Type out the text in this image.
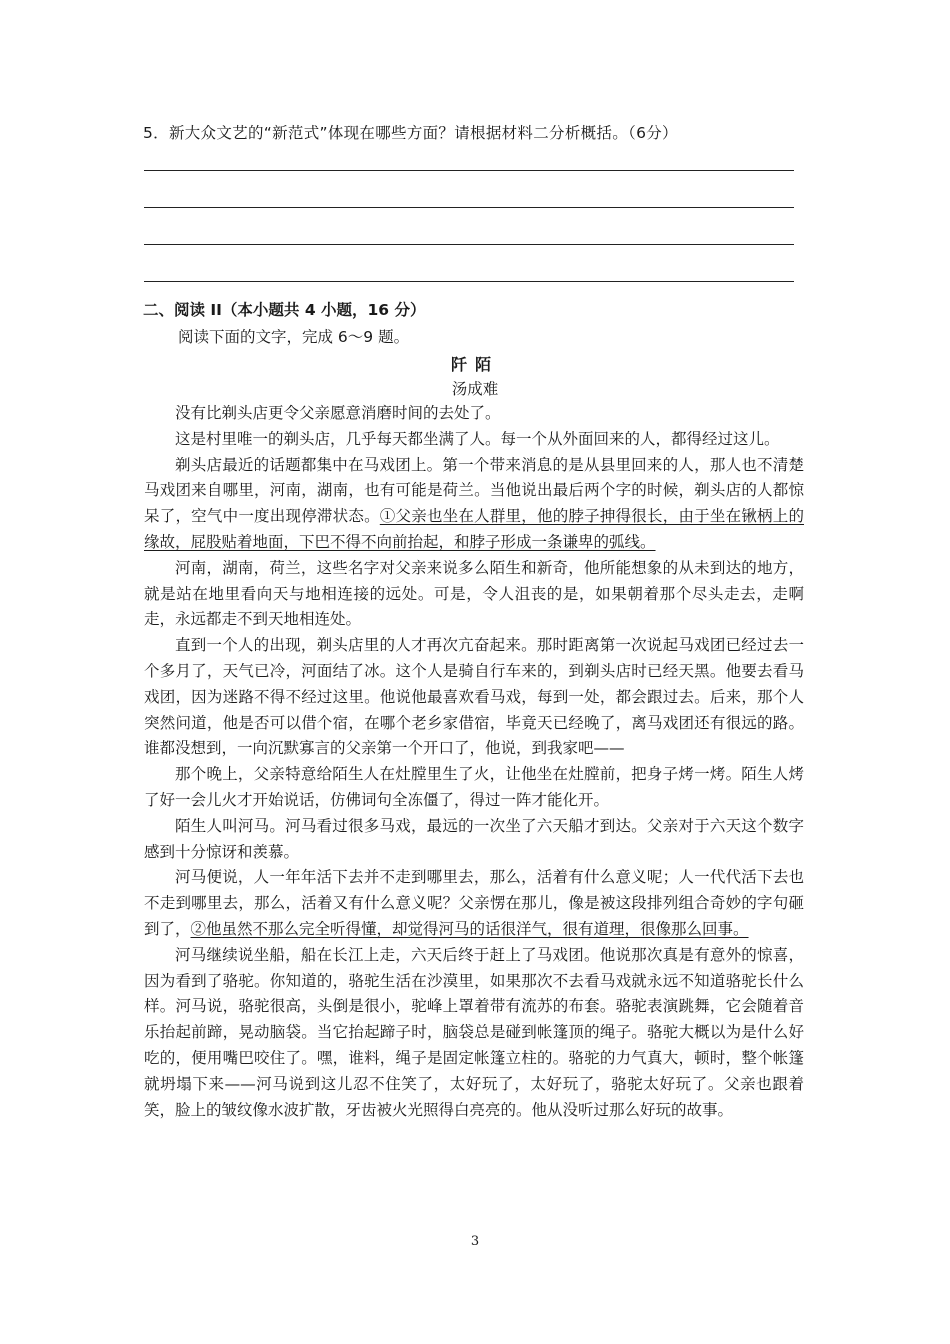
5．新大众文艺的“新范式”体现在哪些方面？请根据材料二分析概括。（6分）
二、阅读 II（本小题共 4 小题，16 分）
阅读下面的文字，完成 6～9 题。
阡陌
汤成难

没有比剃头店更令父亲愿意消磨时间的去处了。

这是村里唯一的剃头店，几乎每天都坐满了人。每一个从外面回来的人，都得经过这儿。

剃头店最近的话题都集中在马戏团上。第一个带来消息的是从县里回来的人，那人也不清楚马戏团来自哪里，河南，湖南，也有可能是荷兰。当他说出最后两个字的时候，剃头店的人都惊呆了，空气中一度出现停滞状态。①父亲也坐在人群里，他的脖子抻得很长，由于坐在锹柄上的缘故，屁股贴着地面，下巴不得不向前抬起，和脖子形成一条谦卑的弧线。

河南，湖南，荷兰，这些名字对父亲来说多么陌生和新奇，他所能想象的从未到达的地方，就是站在地里看向天与地相连接的远处。可是，令人沮丧的是，如果朝着那个尽头走去，走啊走，永远都走不到天地相连处。

直到一个人的出现，剃头店里的人才再次亢奋起来。那时距离第一次说起马戏团已经过去一个多月了，天气已冷，河面结了冰。这个人是骑自行车来的，到剃头店时已经天黑。他要去看马戏团，因为迷路不得不经过这里。他说他最喜欢看马戏，每到一处，都会跟过去。后来，那个人突然问道，他是否可以借个宿，在哪个老乡家借宿，毕竟天已经晚了，离马戏团还有很远的路。谁都没想到，一向沉默寡言的父亲第一个开口了，他说，到我家吧——

那个晚上，父亲特意给陌生人在灶膛里生了火，让他坐在灶膛前，把身子烤一烤。陌生人烤了好一会儿火才开始说话，仿佛词句全冻僵了，得过一阵才能化开。

陌生人叫河马。河马看过很多马戏，最远的一次坐了六天船才到达。父亲对于六天这个数字感到十分惊讶和羡慕。

河马便说，人一年年活下去并不走到哪里去，那么，活着有什么意义呢；人一代代活下去也不走到哪里去，那么，活着又有什么意义呢？父亲愣在那儿，像是被这段排列组合奇妙的字句砸到了，②他虽然不那么完全听得懂，却觉得河马的话很洋气，很有道理，很像那么回事。

河马继续说坐船，船在长江上走，六天后终于赶上了马戏团。他说那次真是有意外的惊喜，因为看到了骆驼。你知道的，骆驼生活在沙漠里，如果那次不去看马戏就永远不知道骆驼长什么样。河马说，骆驼很高，头倒是很小，驼峰上罩着带有流苏的布套。骆驼表演跳舞，它会随着音乐抬起前蹄，晃动脑袋。当它抬起蹄子时，脑袋总是碰到帐篷顶的绳子。骆驼大概以为是什么好吃的，便用嘴巴咬住了。嘿，谁料，绳子是固定帐篷立柱的。骆驼的力气真大，顿时，整个帐篷就坍塌下来——河马说到这儿忍不住笑了，太好玩了，太好玩了，骆驼太好玩了。父亲也跟着笑，脸上的皱纹像水波扩散，牙齿被火光照得白亮亮的。他从没听过那么好玩的故事。

3
